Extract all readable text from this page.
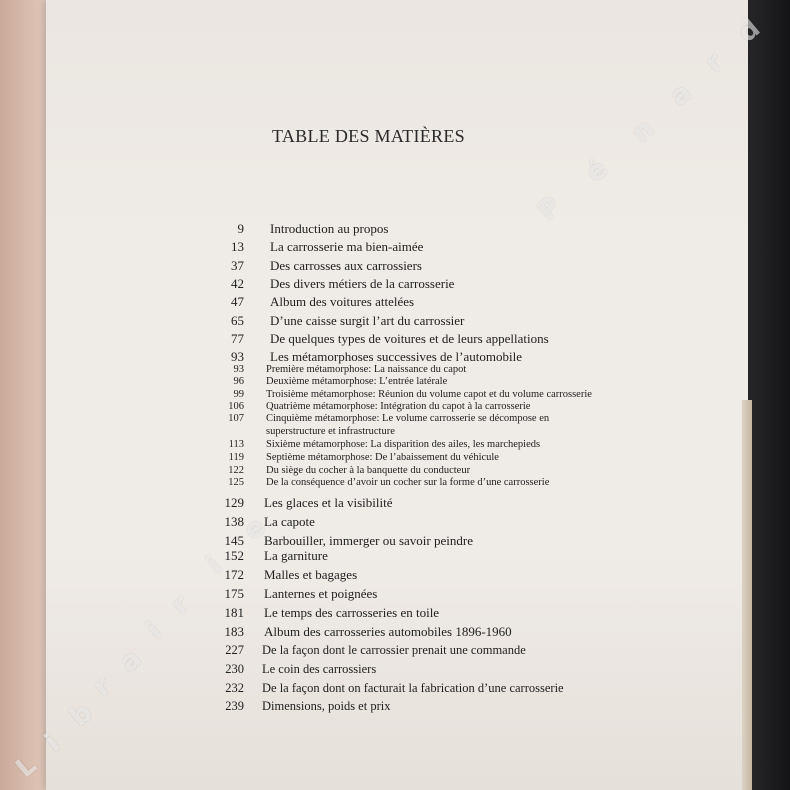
TABLE DES MATIÈRES
9 Introduction au propos
13 La carrosserie ma bien-aimée
37 Des carrosses aux carrossiers
42 Des divers métiers de la carrosserie
47 Album des voitures attelées
65 D’une caisse surgit l’art du carrossier
77 De quelques types de voitures et de leurs appellations
93 Les métamorphoses successives de l’automobile
93 Première métamorphose: La naissance du capot
96 Deuxième métamorphose: L’entrée latérale
99 Troisième métamorphose: Réunion du volume capot et du volume carrosserie
106 Quatrième métamorphose: Intégration du capot à la carrosserie
107 Cinquième métamorphose: Le volume carrosserie se décompose en
superstructure et infrastructure
113 Sixième métamorphose: La disparition des ailes, les marchepieds
119 Septième métamorphose: De l’abaissement du véhicule
122 Du siège du cocher à la banquette du conducteur
125 De la conséquence d’avoir un cocher sur la forme d’une carrosserie
129 Les glaces et la visibilité
138 La capote
145 Barbouiller, immerger ou savoir peindre
152 La garniture
172 Malles et bagages
175 Lanternes et poignées
181 Le temps des carrosseries en toile
183 Album des carrosseries automobiles 1896-1960
227 De la façon dont le carrossier prenait une commande
230 Le coin des carrossiers
232 De la façon dont on facturait la fabrication d’une carrosserie
239 Dimensions, poids et prix
L
i
b
r
a
i
r
i
e
P
é
n
a
r
d
